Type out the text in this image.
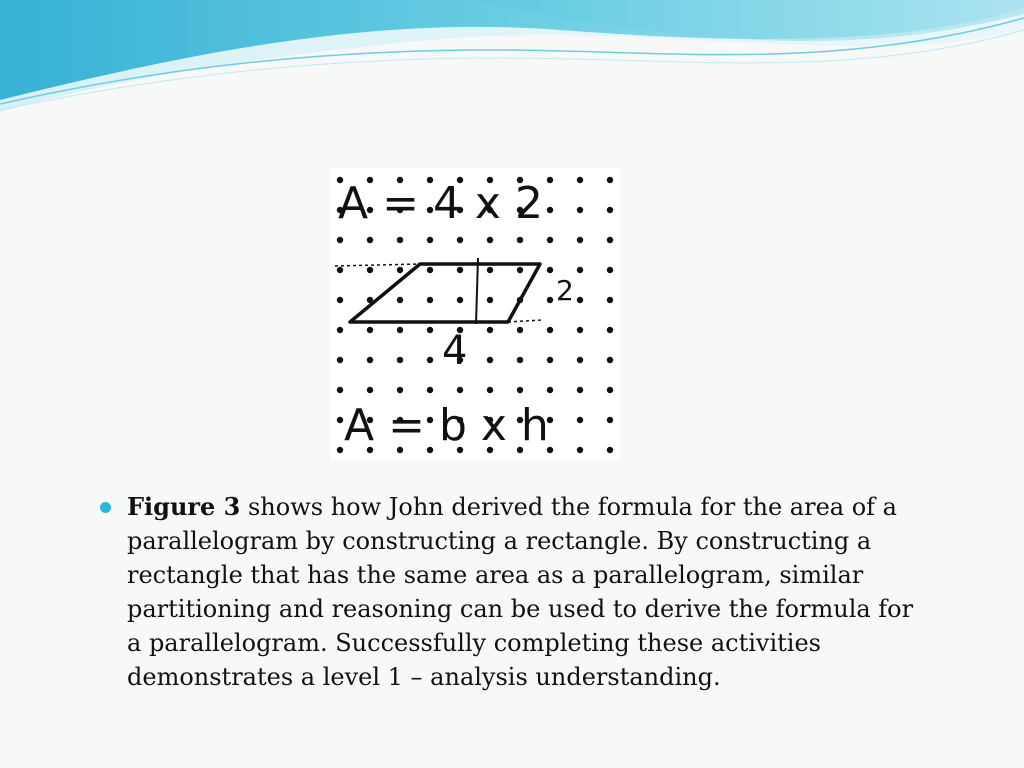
A = 4 x 2
2
4
A = b x h

Figure 3 shows how John derived the formula for the area of a parallelogram by constructing a rectangle. By constructing a rectangle that has the same area as a parallelogram, similar partitioning and reasoning can be used to derive the formula for a parallelogram. Successfully completing these activities demonstrates a level 1 – analysis understanding.
